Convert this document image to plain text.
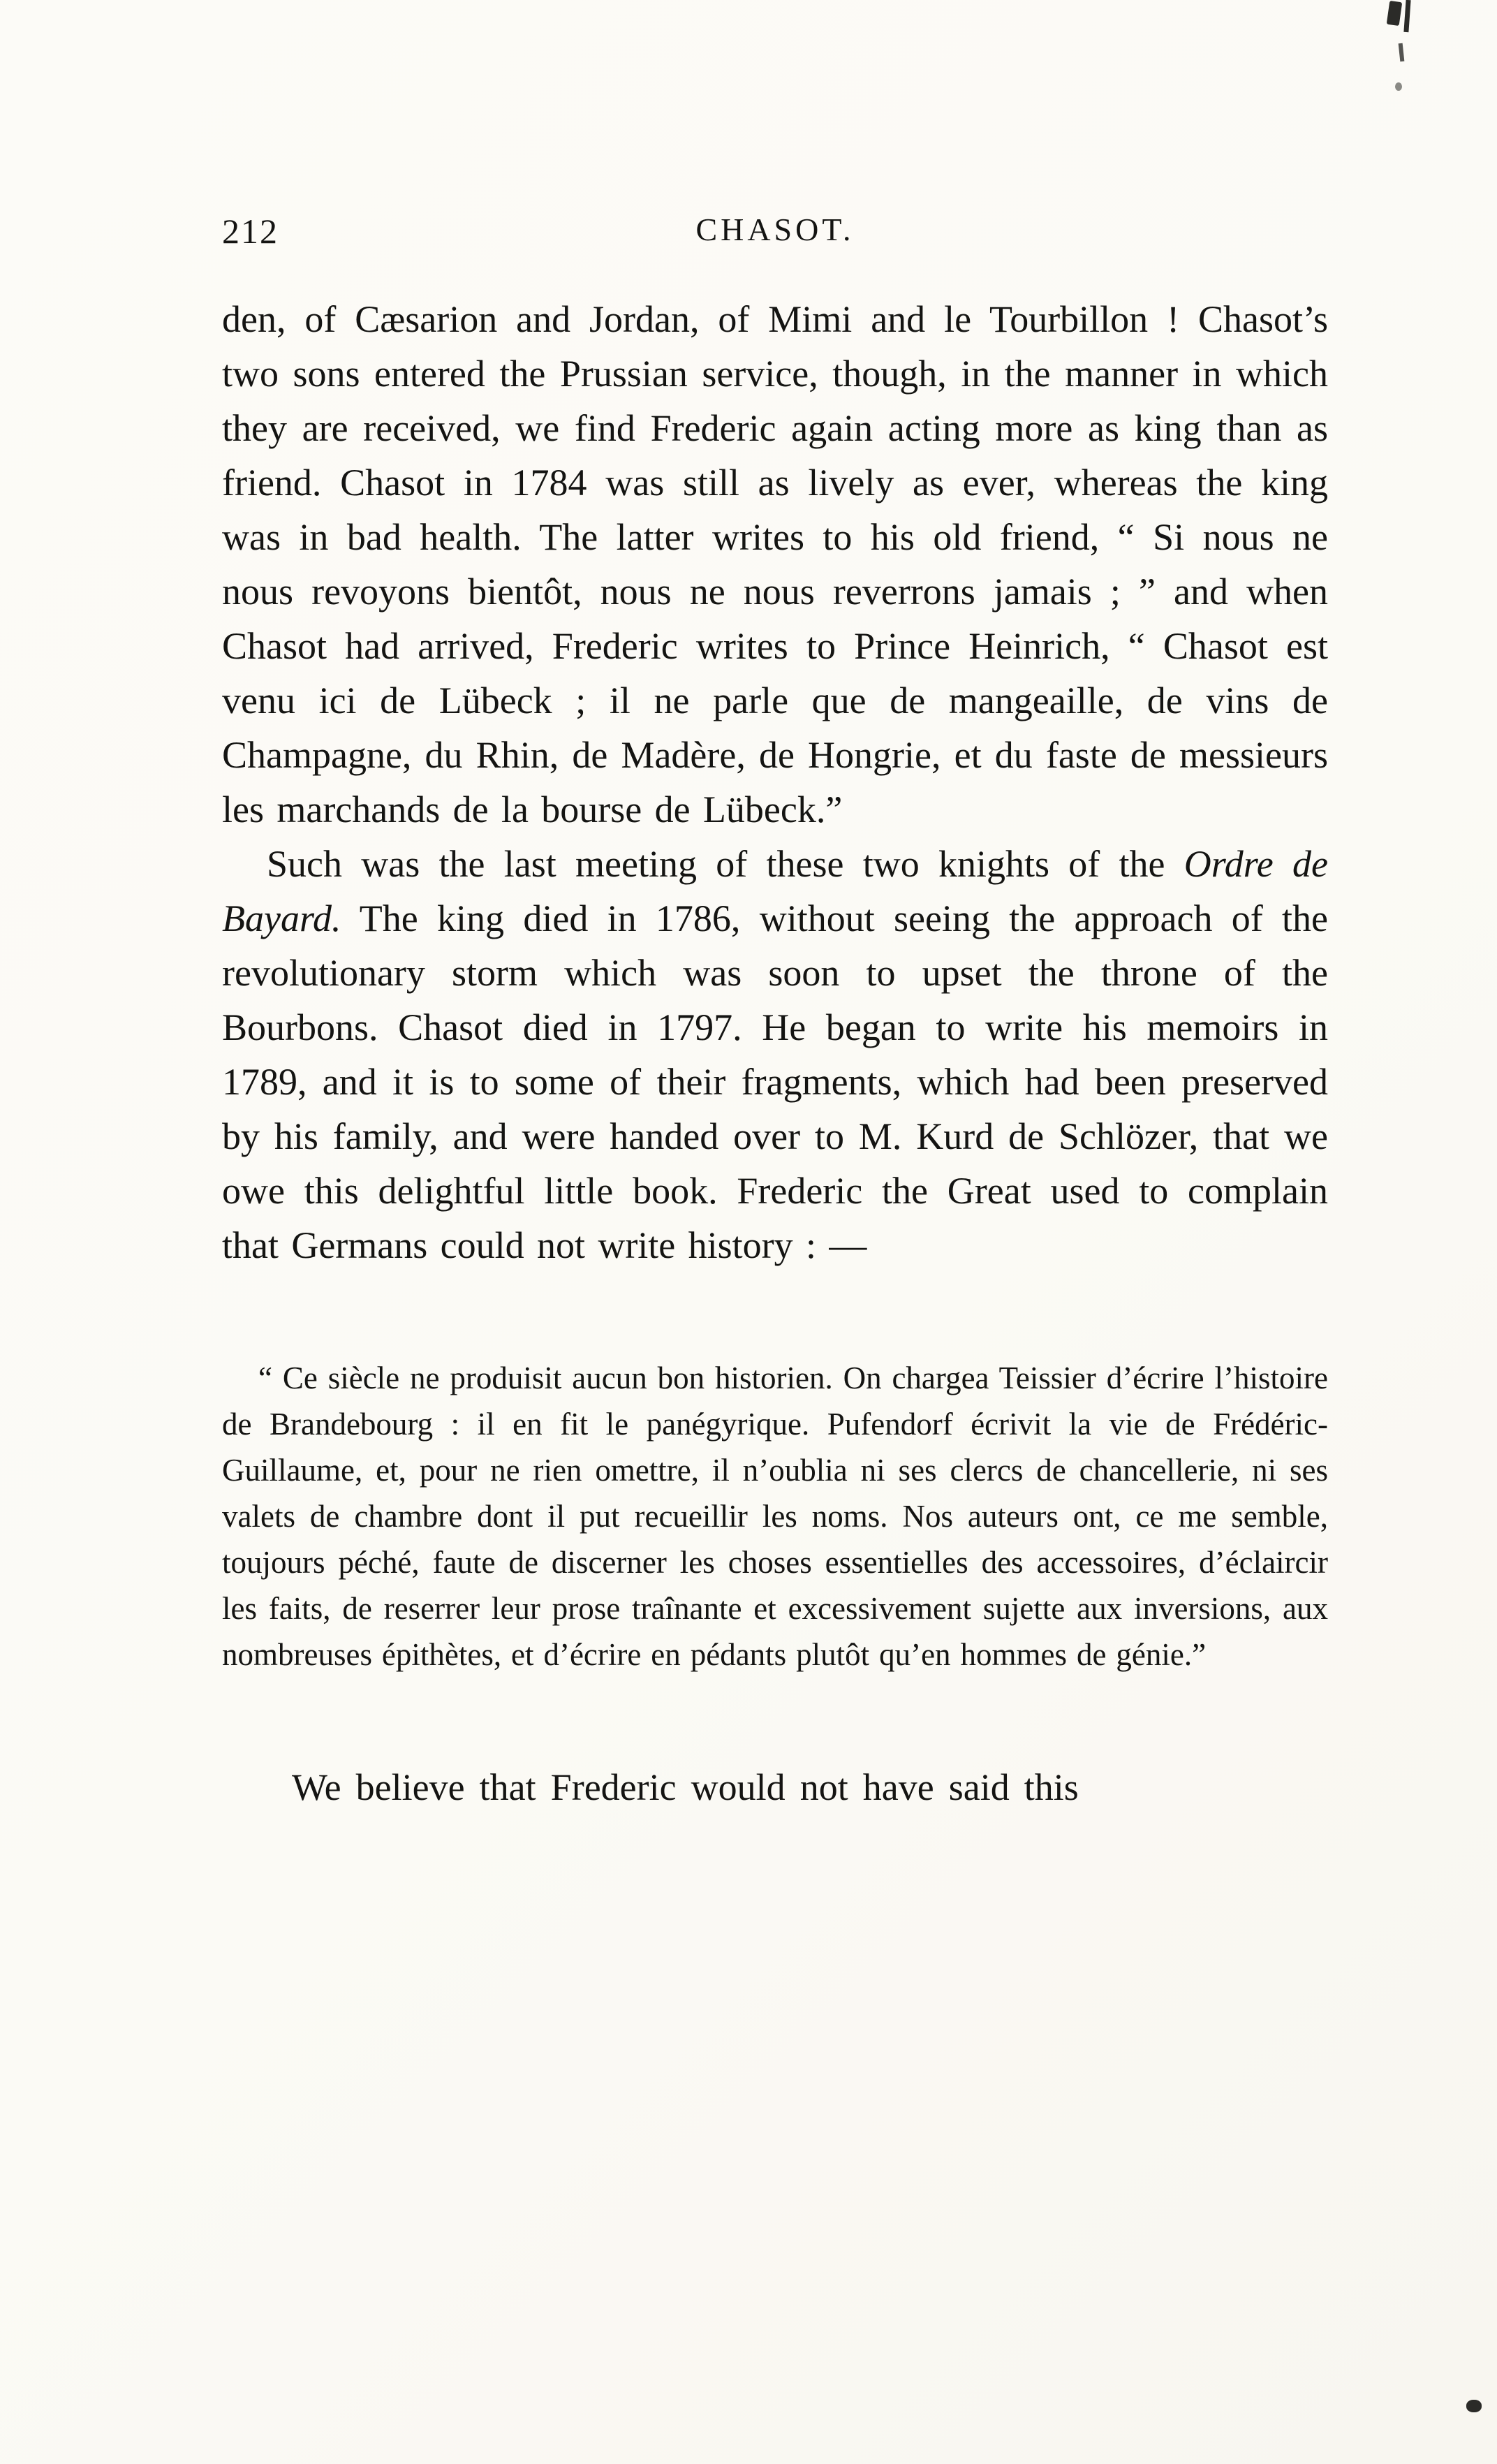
212	CHASOT.

den, of Cæsarion and Jordan, of Mimi and le Tourbillon ! Chasot’s two sons entered the Prussian service, though, in the manner in which they are received, we find Frederic again acting more as king than as friend. Chasot in 1784 was still as lively as ever, whereas the king was in bad health. The latter writes to his old friend, “ Si nous ne nous revoyons bientôt, nous ne nous reverrons jamais ; ” and when Chasot had arrived, Frederic writes to Prince Heinrich, “ Chasot est venu ici de Lübeck ; il ne parle que de mangeaille, de vins de Champagne, du Rhin, de Madère, de Hongrie, et du faste de messieurs les marchands de la bourse de Lübeck.”

Such was the last meeting of these two knights of the Ordre de Bayard. The king died in 1786, without seeing the approach of the revolutionary storm which was soon to upset the throne of the Bourbons. Chasot died in 1797. He began to write his memoirs in 1789, and it is to some of their fragments, which had been preserved by his family, and were handed over to M. Kurd de Schlözer, that we owe this delightful little book. Frederic the Great used to complain that Germans could not write history : —

“ Ce siècle ne produisit aucun bon historien. On chargea Teissier d’écrire l’histoire de Brandebourg : il en fit le panégyrique. Pufendorf écrivit la vie de Frédéric-Guillaume, et, pour ne rien omettre, il n’oublia ni ses clercs de chancellerie, ni ses valets de chambre dont il put recueillir les noms. Nos auteurs ont, ce me semble, toujours péché, faute de discerner les choses essentielles des accessoires, d’éclaircir les faits, de reserrer leur prose traînante et excessivement sujette aux inversions, aux nombreuses épithètes, et d’écrire en pédants plutôt qu’en hommes de génie.”

We believe that Frederic would not have said this
